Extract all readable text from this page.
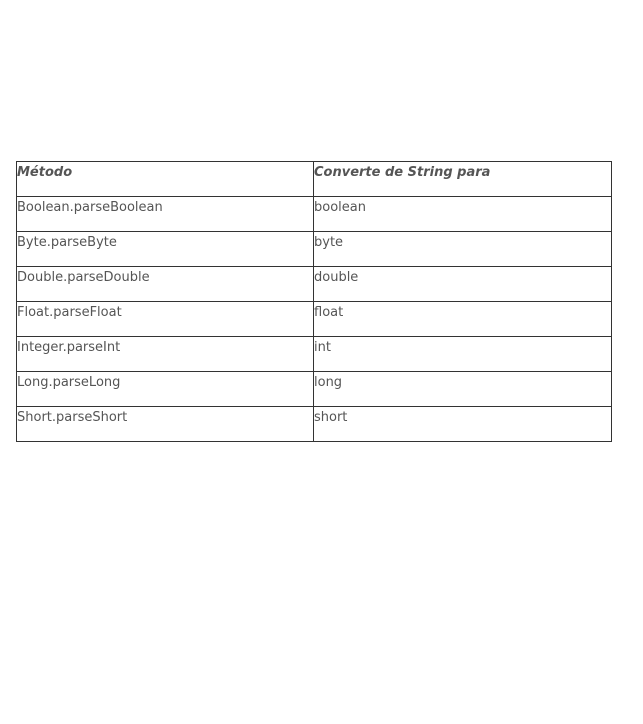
Método	Converte de String para

Boolean.parseBoolean	boolean

Byte.parseByte	byte

Double.parseDouble	double

Float.parseFloat	float

Integer.parseInt	int

Long.parseLong	long

Short.parseShort	short
